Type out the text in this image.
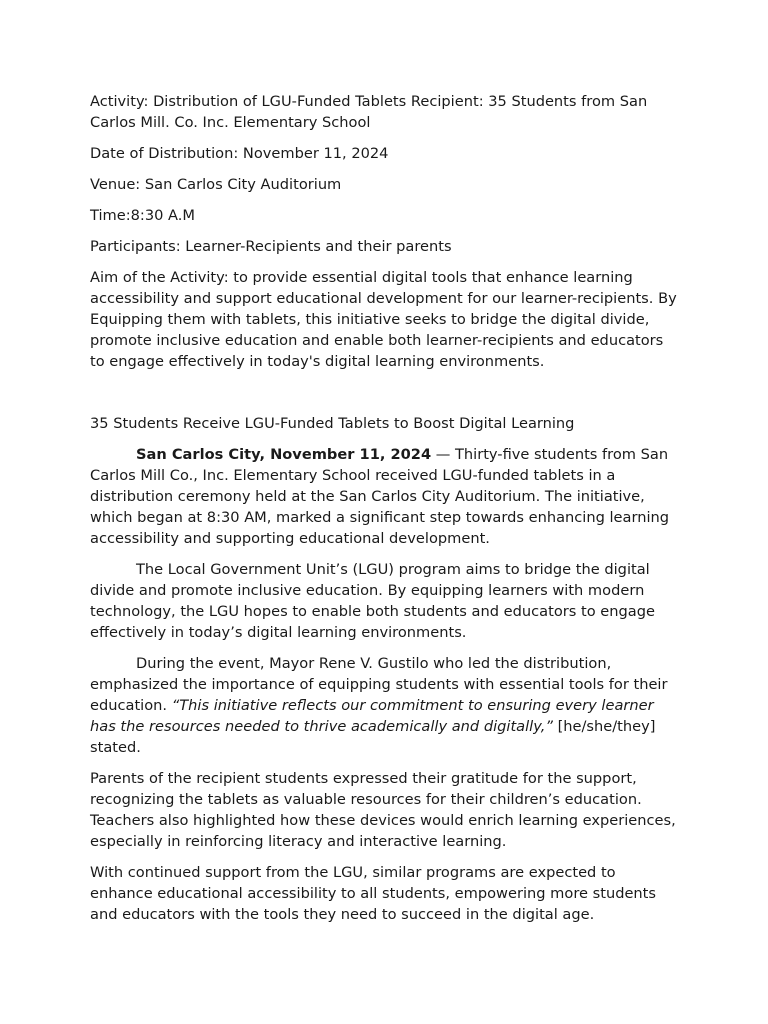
Activity: Distribution of LGU-Funded Tablets Recipient: 35 Students from San Carlos Mill. Co. Inc. Elementary School

Date of Distribution: November 11, 2024

Venue: San Carlos City Auditorium

Time:8:30 A.M

Participants: Learner-Recipients and their parents

Aim of the Activity: to provide essential digital tools that enhance learning accessibility and support educational development for our learner-recipients. By Equipping them with tablets, this initiative seeks to bridge the digital divide, promote inclusive education and enable both learner-recipients and educators to engage effectively in today's digital learning environments.

35 Students Receive LGU-Funded Tablets to Boost Digital Learning

San Carlos City, November 11, 2024 — Thirty-five students from San Carlos Mill Co., Inc. Elementary School received LGU-funded tablets in a distribution ceremony held at the San Carlos City Auditorium. The initiative, which began at 8:30 AM, marked a significant step towards enhancing learning accessibility and supporting educational development.

The Local Government Unit’s (LGU) program aims to bridge the digital divide and promote inclusive education. By equipping learners with modern technology, the LGU hopes to enable both students and educators to engage effectively in today’s digital learning environments.

During the event, Mayor Rene V. Gustilo who led the distribution, emphasized the importance of equipping students with essential tools for their education. “This initiative reflects our commitment to ensuring every learner has the resources needed to thrive academically and digitally,” [he/she/they] stated.

Parents of the recipient students expressed their gratitude for the support, recognizing the tablets as valuable resources for their children’s education. Teachers also highlighted how these devices would enrich learning experiences, especially in reinforcing literacy and interactive learning.

With continued support from the LGU, similar programs are expected to enhance educational accessibility to all students, empowering more students and educators with the tools they need to succeed in the digital age.
